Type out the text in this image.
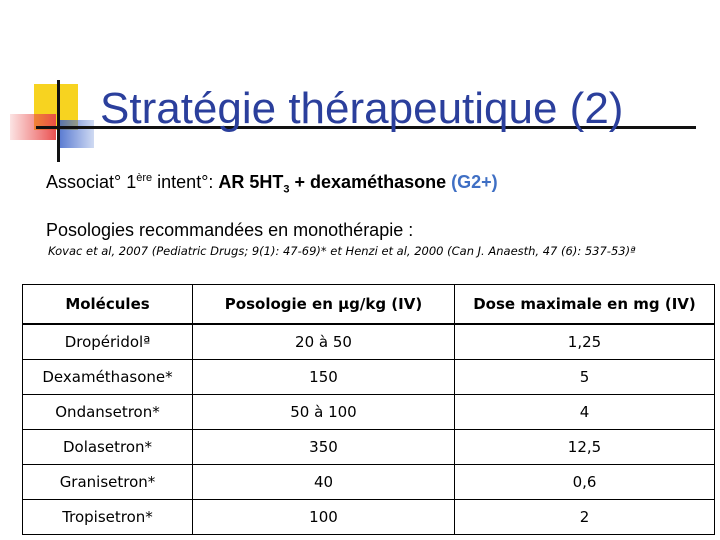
Stratégie thérapeutique (2)
Associat° 1ère intent°: AR $5HT_3$ + dexaméthasone (G2+)
Posologies recommandées en monothérapie :
Kovac et al, 2007 (Pediatric Drugs; 9(1): 47-69)* et Henzi et al, 2000 (Can J. Anaesth, 47 (6): 537-53)ª
Molécules	Posologie en µg/kg (IV)	Dose maximale en mg (IV)
Dropéridolª	20 à 50	1,25
Dexaméthasone*	150	5
Ondansetron*	50 à 100	4
Dolasetron*	350	12,5
Granisetron*	40	0,6
Tropisetron*	100	2
